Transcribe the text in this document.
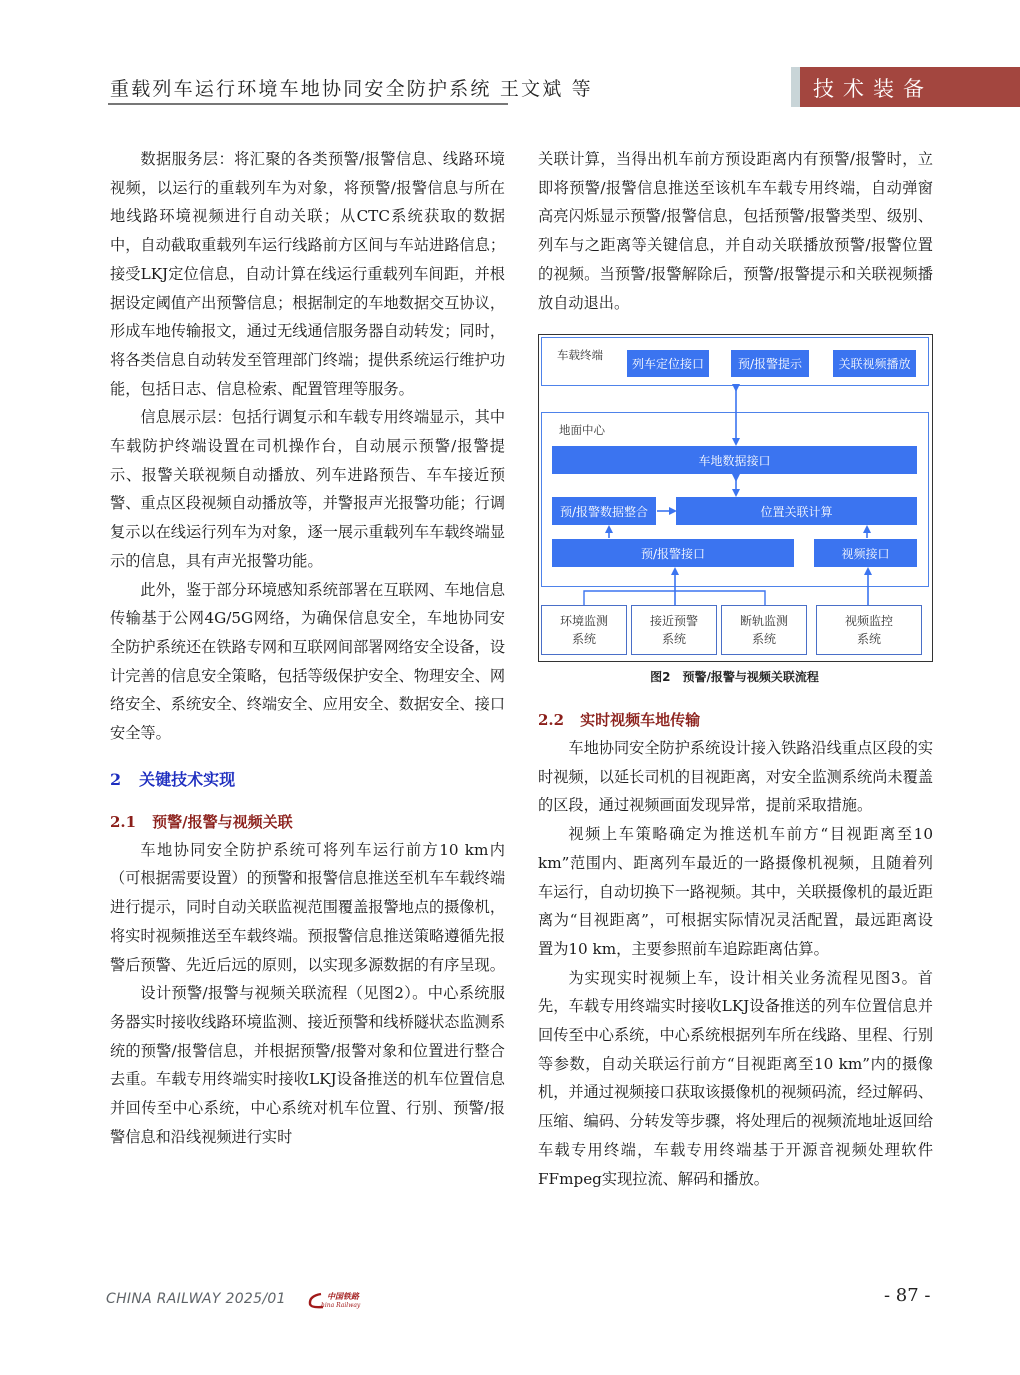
重载列车运行环境车地协同安全防护系统 王文斌 等	技术装备

数据服务层：将汇聚的各类预警/报警信息、线路环境视频，以运行的重载列车为对象，将预警/报警信息与所在地线路环境视频进行自动关联；从CTC系统获取的数据中，自动截取重载列车运行线路前方区间与车站进路信息；接受LKJ定位信息，自动计算在线运行重载列车间距，并根据设定阈值产出预警信息；根据制定的车地数据交互协议，形成车地传输报文，通过无线通信服务器自动转发；同时，将各类信息自动转发至管理部门终端；提供系统运行维护功能，包括日志、信息检索、配置管理等服务。

信息展示层：包括行调复示和车载专用终端显示，其中车载防护终端设置在司机操作台，自动展示预警/报警提示、报警关联视频自动播放、列车进路预告、车车接近预警、重点区段视频自动播放等，并警报声光报警功能；行调复示以在线运行列车为对象，逐一展示重载列车车载终端显示的信息，具有声光报警功能。

此外，鉴于部分环境感知系统部署在互联网、车地信息传输基于公网4G/5G网络，为确保信息安全，车地协同安全防护系统还在铁路专网和互联网间部署网络安全设备，设计完善的信息安全策略，包括等级保护安全、物理安全、网络安全、系统安全、终端安全、应用安全、数据安全、接口安全等。

2 关键技术实现
2.1 预警/报警与视频关联

车地协同安全防护系统可将列车运行前方10 km内（可根据需要设置）的预警和报警信息推送至机车车载终端进行提示，同时自动关联监视范围覆盖报警地点的摄像机，将实时视频推送至车载终端。预报警信息推送策略遵循先报警后预警、先近后远的原则，以实现多源数据的有序呈现。

设计预警/报警与视频关联流程（见图2）。中心系统服务器实时接收线路环境监测、接近预警和线桥隧状态监测系统的预警/报警信息，并根据预警/报警对象和位置进行整合去重。车载专用终端实时接收LKJ设备推送的机车位置信息并回传至中心系统，中心系统对机车位置、行别、预警/报警信息和沿线视频进行实时

关联计算，当得出机车前方预设距离内有预警/报警时，立即将预警/报警信息推送至该机车车载专用终端，自动弹窗高亮闪烁显示预警/报警信息，包括预警/报警类型、级别、列车与之距离等关键信息，并自动关联播放预警/报警位置的视频。当预警/报警解除后，预警/报警提示和关联视频播放自动退出。

车载终端
列车定位接口	预/报警提示	关联视频播放
地面中心
车地数据接口
预/报警数据整合	位置关联计算
预/报警接口	视频接口
环境监测
系统
接近预警
系统
断轨监测
系统
视频监控
系统
图2 预警/报警与视频关联流程
2.2 实时视频车地传输

车地协同安全防护系统设计接入铁路沿线重点区段的实时视频，以延长司机的目视距离，对安全监测系统尚未覆盖的区段，通过视频画面发现异常，提前采取措施。

视频上车策略确定为推送机车前方“目视距离至10 km”范围内、距离列车最近的一路摄像机视频，且随着列车运行，自动切换下一路视频。其中，关联摄像机的最近距离为“目视距离”，可根据实际情况灵活配置，最远距离设置为10 km，主要参照前车追踪距离估算。

为实现实时视频上车，设计相关业务流程见图3。首先，车载专用终端实时接收LKJ设备推送的列车位置信息并回传至中心系统，中心系统根据列车所在线路、里程、行别等参数，自动关联运行前方“目视距离至10 km”内的摄像机，并通过视频接口获取该摄像机的视频码流，经过解码、压缩、编码、分转发等步骤，将处理后的视频流地址返回给车载专用终端，车载专用终端基于开源音视频处理软件FFmpeg实现拉流、解码和播放。

CHINA RAILWAY 2025/01	中国铁路
hina Railway	- 87 -
